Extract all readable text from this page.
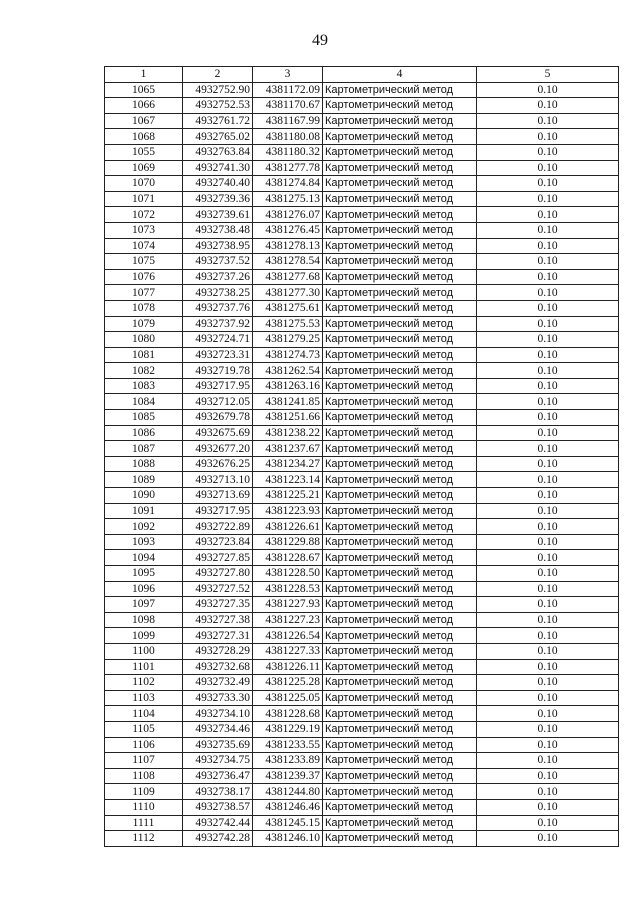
49
1	2	3	4	5
1065	4932752.90	4381172.09	Картометрический метод	0.10
1066	4932752.53	4381170.67	Картометрический метод	0.10
1067	4932761.72	4381167.99	Картометрический метод	0.10
1068	4932765.02	4381180.08	Картометрический метод	0.10
1055	4932763.84	4381180.32	Картометрический метод	0.10
1069	4932741.30	4381277.78	Картометрический метод	0.10
1070	4932740.40	4381274.84	Картометрический метод	0.10
1071	4932739.36	4381275.13	Картометрический метод	0.10
1072	4932739.61	4381276.07	Картометрический метод	0.10
1073	4932738.48	4381276.45	Картометрический метод	0.10
1074	4932738.95	4381278.13	Картометрический метод	0.10
1075	4932737.52	4381278.54	Картометрический метод	0.10
1076	4932737.26	4381277.68	Картометрический метод	0.10
1077	4932738.25	4381277.30	Картометрический метод	0.10
1078	4932737.76	4381275.61	Картометрический метод	0.10
1079	4932737.92	4381275.53	Картометрический метод	0.10
1080	4932724.71	4381279.25	Картометрический метод	0.10
1081	4932723.31	4381274.73	Картометрический метод	0.10
1082	4932719.78	4381262.54	Картометрический метод	0.10
1083	4932717.95	4381263.16	Картометрический метод	0.10
1084	4932712.05	4381241.85	Картометрический метод	0.10
1085	4932679.78	4381251.66	Картометрический метод	0.10
1086	4932675.69	4381238.22	Картометрический метод	0.10
1087	4932677.20	4381237.67	Картометрический метод	0.10
1088	4932676.25	4381234.27	Картометрический метод	0.10
1089	4932713.10	4381223.14	Картометрический метод	0.10
1090	4932713.69	4381225.21	Картометрический метод	0.10
1091	4932717.95	4381223.93	Картометрический метод	0.10
1092	4932722.89	4381226.61	Картометрический метод	0.10
1093	4932723.84	4381229.88	Картометрический метод	0.10
1094	4932727.85	4381228.67	Картометрический метод	0.10
1095	4932727.80	4381228.50	Картометрический метод	0.10
1096	4932727.52	4381228.53	Картометрический метод	0.10
1097	4932727.35	4381227.93	Картометрический метод	0.10
1098	4932727.38	4381227.23	Картометрический метод	0.10
1099	4932727.31	4381226.54	Картометрический метод	0.10
1100	4932728.29	4381227.33	Картометрический метод	0.10
1101	4932732.68	4381226.11	Картометрический метод	0.10
1102	4932732.49	4381225.28	Картометрический метод	0.10
1103	4932733.30	4381225.05	Картометрический метод	0.10
1104	4932734.10	4381228.68	Картометрический метод	0.10
1105	4932734.46	4381229.19	Картометрический метод	0.10
1106	4932735.69	4381233.55	Картометрический метод	0.10
1107	4932734.75	4381233.89	Картометрический метод	0.10
1108	4932736.47	4381239.37	Картометрический метод	0.10
1109	4932738.17	4381244.80	Картометрический метод	0.10
1110	4932738.57	4381246.46	Картометрический метод	0.10
1111	4932742.44	4381245.15	Картометрический метод	0.10
1112	4932742.28	4381246.10	Картометрический метод	0.10
